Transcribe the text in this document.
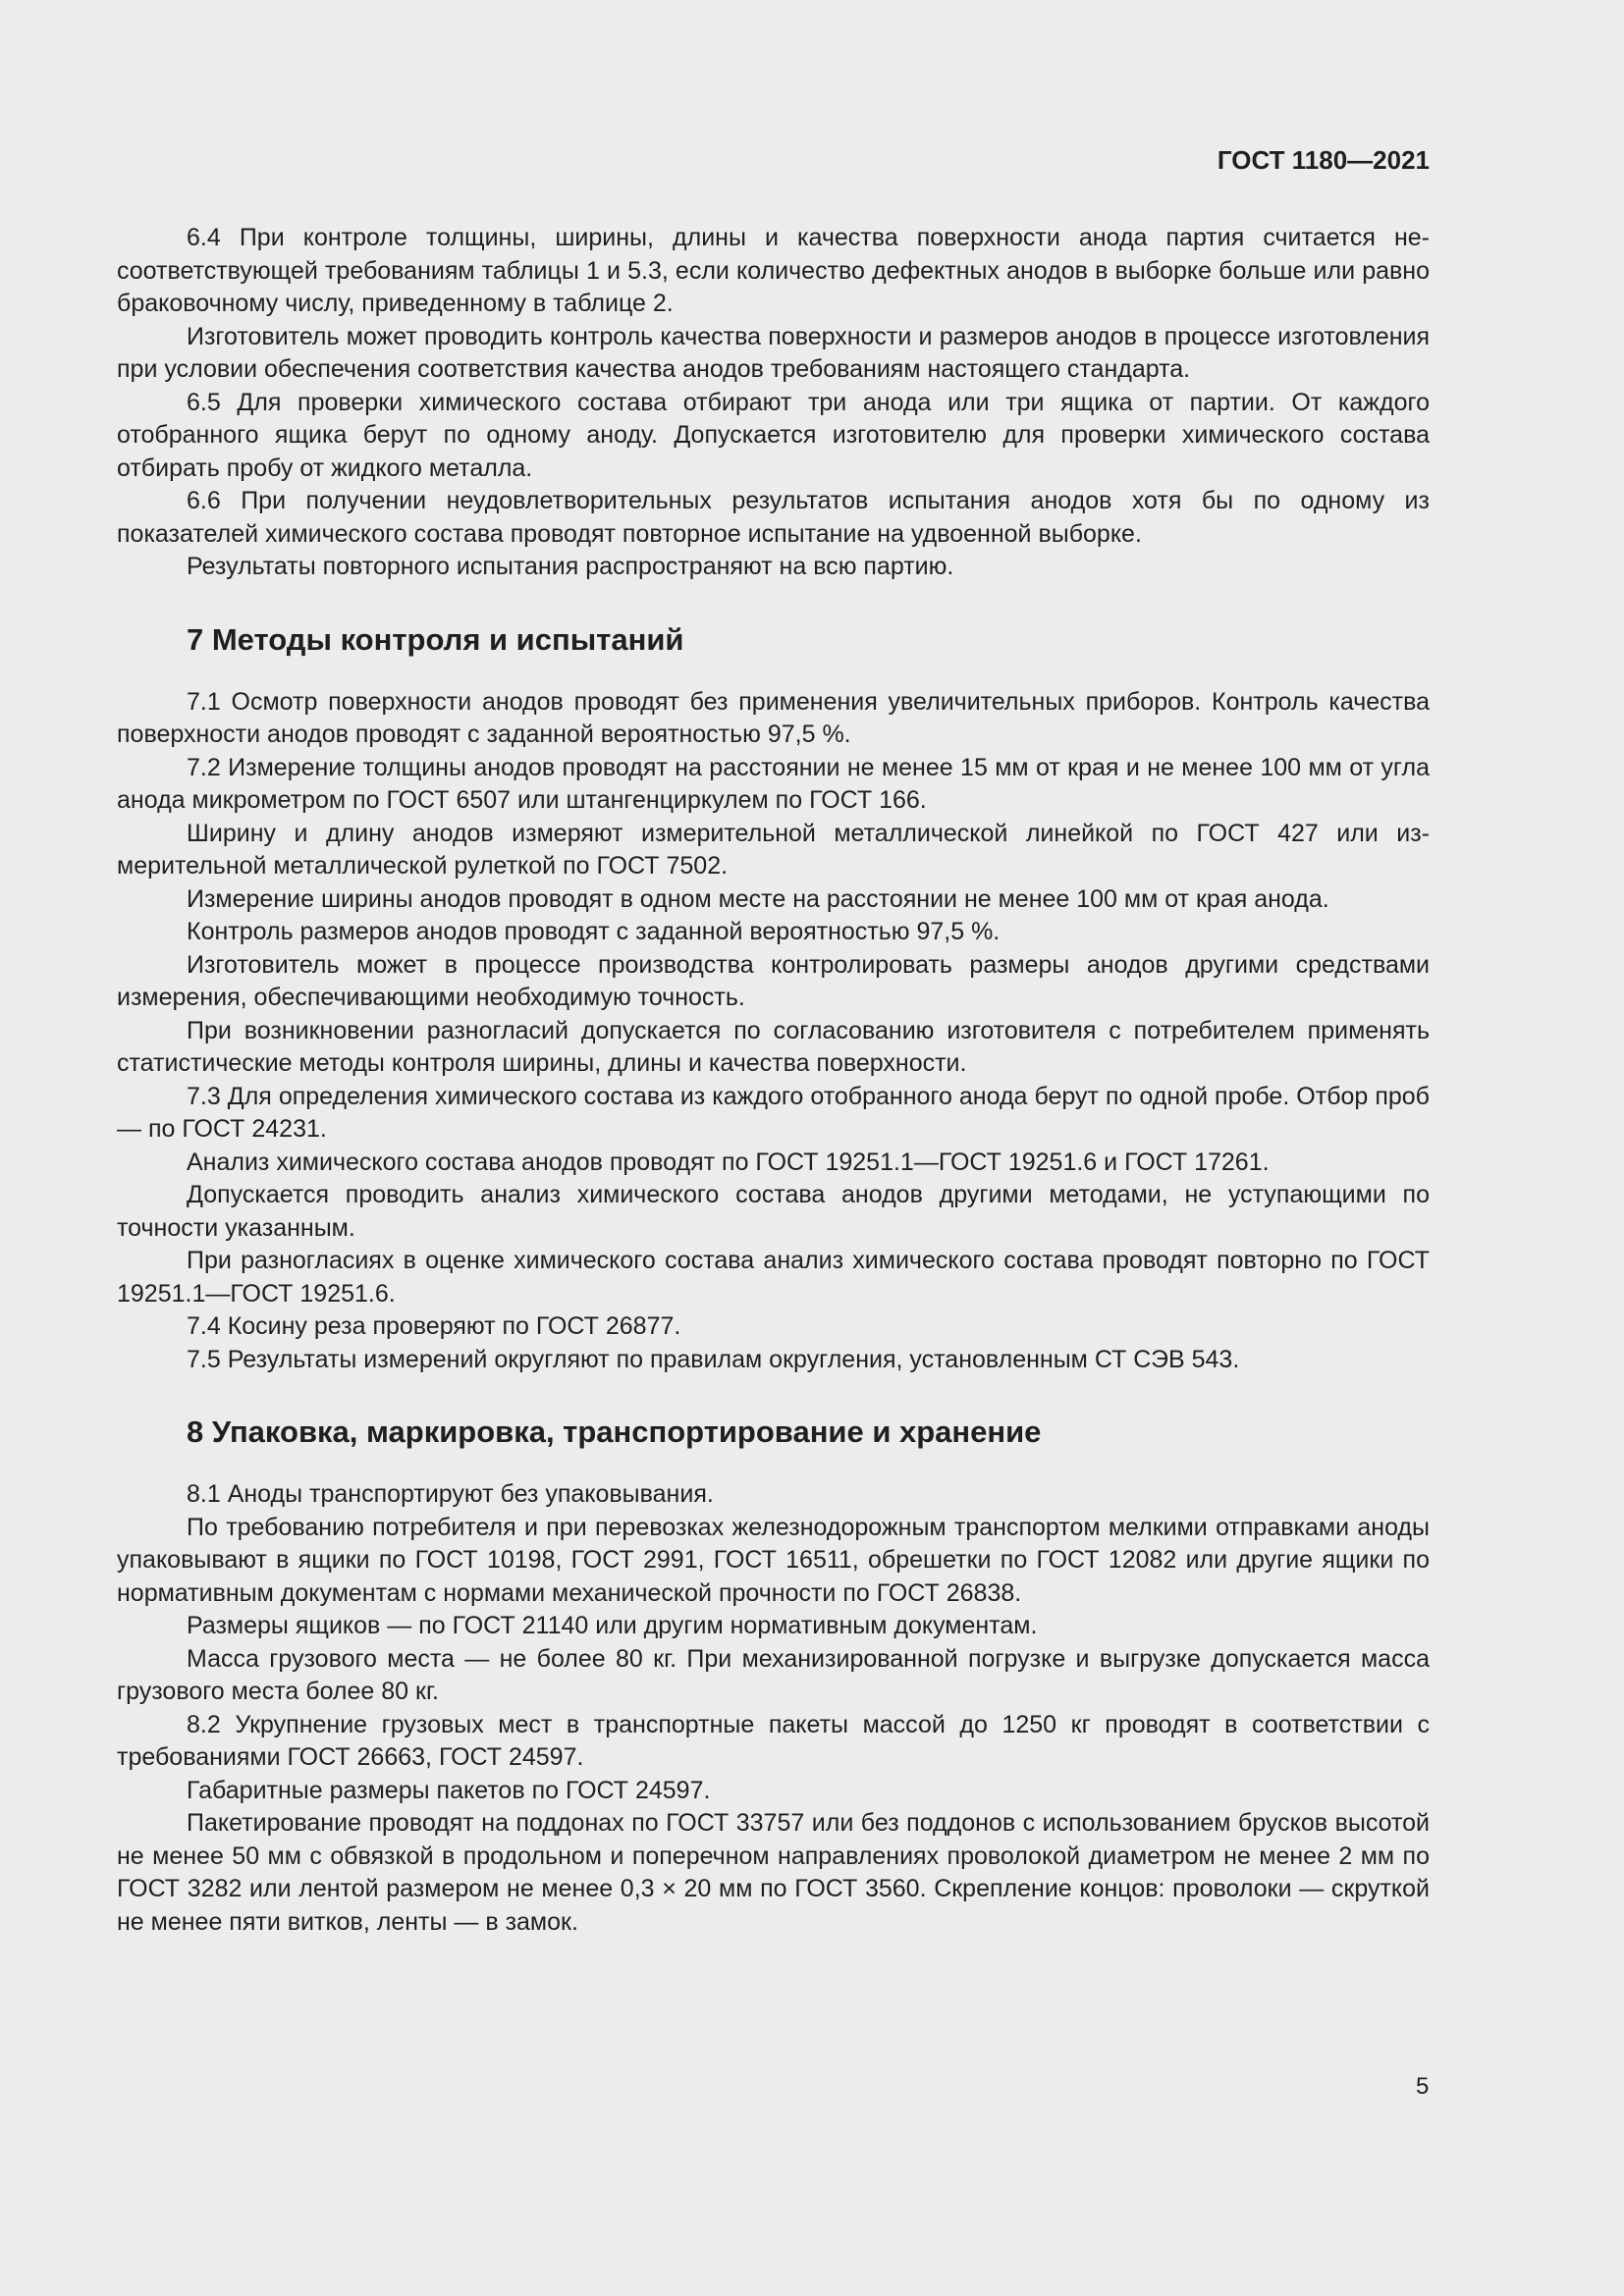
ГОСТ 1180—2021

6.4 При контроле толщины, ширины, длины и качества поверхности анода партия считается несоответствующей требованиям таблицы 1 и 5.3, если количество дефектных анодов в выборке больше или равно браковочному числу, приведенному в таблице 2.

Изготовитель может проводить контроль качества поверхности и размеров анодов в процессе изготовления при условии обеспечения соответствия качества анодов требованиям настоящего стандарта.

6.5 Для проверки химического состава отбирают три анода или три ящика от партии. От каждого отобранного ящика берут по одному аноду. Допускается изготовителю для проверки химического состава отбирать пробу от жидкого металла.

6.6 При получении неудовлетворительных результатов испытания анодов хотя бы по одному из показателей химического состава проводят повторное испытание на удвоенной выборке.

Результаты повторного испытания распространяют на всю партию.

7 Методы контроля и испытаний

7.1 Осмотр поверхности анодов проводят без применения увеличительных приборов. Контроль качества поверхности анодов проводят с заданной вероятностью 97,5 %.

7.2 Измерение толщины анодов проводят на расстоянии не менее 15 мм от края и не менее 100 мм от угла анода микрометром по ГОСТ 6507 или штангенциркулем по ГОСТ 166.

Ширину и длину анодов измеряют измерительной металлической линейкой по ГОСТ 427 или измерительной металлической рулеткой по ГОСТ 7502.

Измерение ширины анодов проводят в одном месте на расстоянии не менее 100 мм от края анода.

Контроль размеров анодов проводят с заданной вероятностью 97,5 %.

Изготовитель может в процессе производства контролировать размеры анодов другими средствами измерения, обеспечивающими необходимую точность.

При возникновении разногласий допускается по согласованию изготовителя с потребителем применять статистические методы контроля ширины, длины и качества поверхности.

7.3 Для определения химического состава из каждого отобранного анода берут по одной пробе. Отбор проб — по ГОСТ 24231.

Анализ химического состава анодов проводят по ГОСТ 19251.1—ГОСТ 19251.6 и ГОСТ 17261.

Допускается проводить анализ химического состава анодов другими методами, не уступающими по точности указанным.

При разногласиях в оценке химического состава анализ химического состава проводят повторно по ГОСТ 19251.1—ГОСТ 19251.6.

7.4 Косину реза проверяют по ГОСТ 26877.

7.5 Результаты измерений округляют по правилам округления, установленным СТ СЭВ 543.

8 Упаковка, маркировка, транспортирование и хранение

8.1 Аноды транспортируют без упаковывания.

По требованию потребителя и при перевозках железнодорожным транспортом мелкими отправками аноды упаковывают в ящики по ГОСТ 10198, ГОСТ 2991, ГОСТ 16511, обрешетки по ГОСТ 12082 или другие ящики по нормативным документам с нормами механической прочности по ГОСТ 26838.

Размеры ящиков — по ГОСТ 21140 или другим нормативным документам.

Масса грузового места — не более 80 кг. При механизированной погрузке и выгрузке допускается масса грузового места более 80 кг.

8.2 Укрупнение грузовых мест в транспортные пакеты массой до 1250 кг проводят в соответствии с требованиями ГОСТ 26663, ГОСТ 24597.

Габаритные размеры пакетов по ГОСТ 24597.

Пакетирование проводят на поддонах по ГОСТ 33757 или без поддонов с использованием брусков высотой не менее 50 мм с обвязкой в продольном и поперечном направлениях проволокой диаметром не менее 2 мм по ГОСТ 3282 или лентой размером не менее 0,3 × 20 мм по ГОСТ 3560. Скрепление концов: проволоки — скруткой не менее пяти витков, ленты — в замок.

5
